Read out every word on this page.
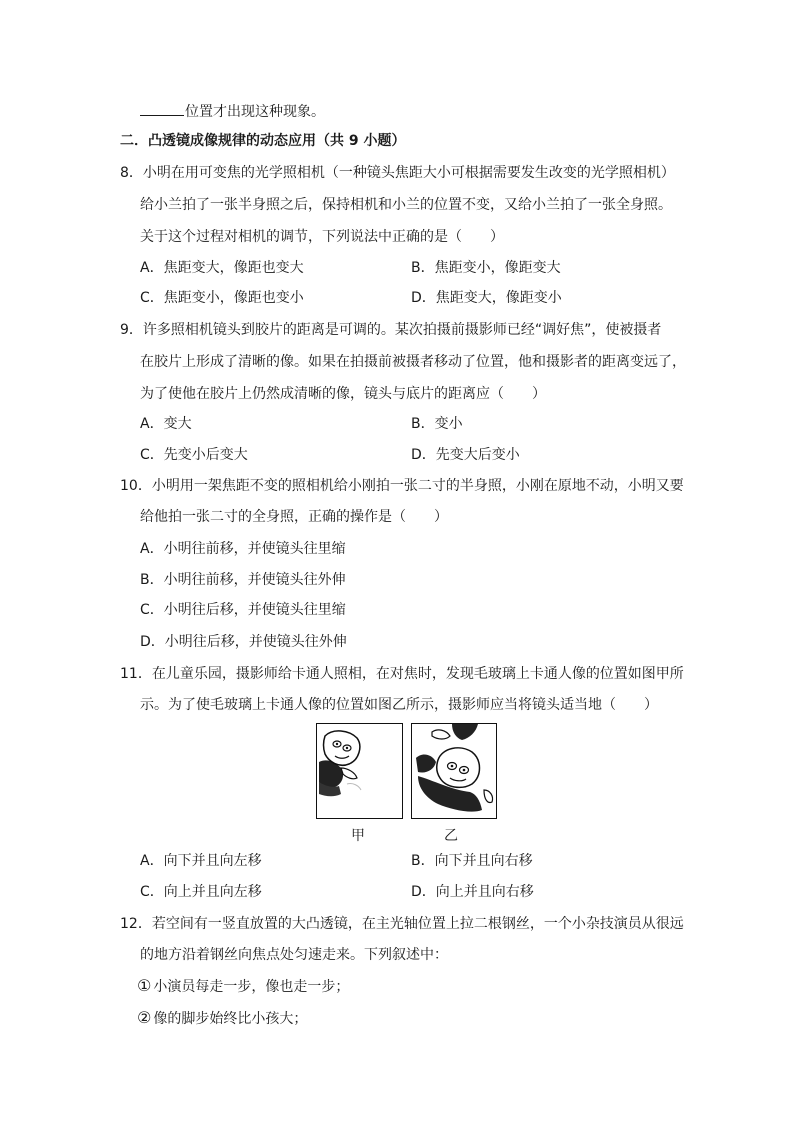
位置才出现这种现象。
二．凸透镜成像规律的动态应用（共 9 小题）
8．小明在用可变焦的光学照相机（一种镜头焦距大小可根据需要发生改变的光学照相机）
给小兰拍了一张半身照之后，保持相机和小兰的位置不变，又给小兰拍了一张全身照。
关于这个过程对相机的调节，下列说法中正确的是（　　）
A．焦距变大，像距也变大	B．焦距变小，像距变大
C．焦距变小，像距也变小	D．焦距变大，像距变小
9．许多照相机镜头到胶片的距离是可调的。某次拍摄前摄影师已经“调好焦”，使被摄者
在胶片上形成了清晰的像。如果在拍摄前被摄者移动了位置，他和摄影者的距离变远了，
为了使他在胶片上仍然成清晰的像，镜头与底片的距离应（　　）
A．变大	B．变小
C．先变小后变大	D．先变大后变小
10．小明用一架焦距不变的照相机给小刚拍一张二寸的半身照，小刚在原地不动，小明又要
给他拍一张二寸的全身照，正确的操作是（　　）
A．小明往前移，并使镜头往里缩
B．小明往前移，并使镜头往外伸
C．小明往后移，并使镜头往里缩
D．小明往后移，并使镜头往外伸
11．在儿童乐园，摄影师给卡通人照相，在对焦时，发现毛玻璃上卡通人像的位置如图甲所
示。为了使毛玻璃上卡通人像的位置如图乙所示，摄影师应当将镜头适当地（　　）
甲	乙
A．向下并且向左移	B．向下并且向右移
C．向上并且向左移	D．向上并且向右移
12．若空间有一竖直放置的大凸透镜，在主光轴位置上拉二根钢丝，一个小杂技演员从很远
的地方沿着钢丝向焦点处匀速走来。下列叙述中：
① 小演员每走一步，像也走一步；
② 像的脚步始终比小孩大；
